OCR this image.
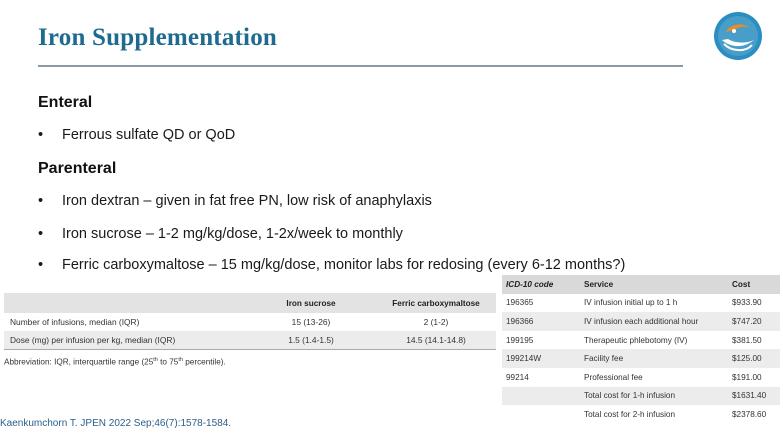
Iron Supplementation
Enteral
• Ferrous sulfate QD or QoD
Parenteral
• Iron dextran – given in fat free PN, low risk of anaphylaxis
• Iron sucrose – 1-2 mg/kg/dose, 1-2x/week to monthly
• Ferric carboxymaltose – 15 mg/kg/dose, monitor labs for redosing (every 6-12 months?)
	Iron sucrose	Ferric carboxymaltose
Number of infusions, median (IQR)	15 (13-26)	2 (1-2)
Dose (mg) per infusion per kg, median (IQR)	1.5 (1.4-1.5)	14.5 (14.1-14.8)
Abbreviation: IQR, interquartile range (25th to 75th percentile).
ICD-10 code	Service	Cost
196365	IV infusion initial up to 1 h	$933.90
196366	IV infusion each additional hour	$747.20
199195	Therapeutic phlebotomy (IV)	$381.50
199214W	Facility fee	$125.00
99214	Professional fee	$191.00
	Total cost for 1-h infusion	$1631.40
	Total cost for 2-h infusion	$2378.60
Kaenkumchorn T. JPEN 2022 Sep;46(7):1578-1584.
